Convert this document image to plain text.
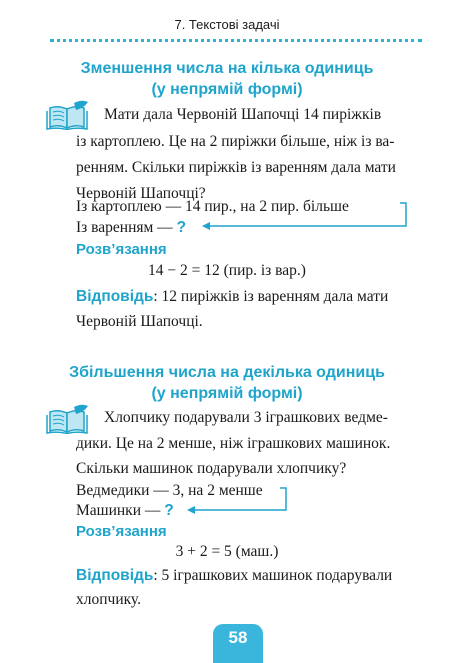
7. Текстові задачі
Зменшення числа на кілька одиниць
(у непрямій формі)
Мати дала Червоній Шапочці 14 пиріжків
із картоплею. Це на 2 пиріжки більше, ніж із ва-
ренням. Скільки пиріжків із варенням дала мати
Червоній Шапочці?
Із картоплею — 14 пир., на 2 пир. більше
Із варенням — ?
Розв’язання
14 − 2 = 12 (пир. із вар.)
Відповідь: 12 пиріжків із варенням дала мати
Червоній Шапочці.
Збільшення числа на декілька одиниць
(у непрямій формі)
Хлопчику подарували 3 іграшкових ведме-
дики. Це на 2 менше, ніж іграшкових машинок.
Скільки машинок подарували хлопчику?
Ведмедики — 3, на 2 менше
Машинки — ?
Розв’язання
3 + 2 = 5 (маш.)
Відповідь: 5 іграшкових машинок подарували
хлопчику.
58
